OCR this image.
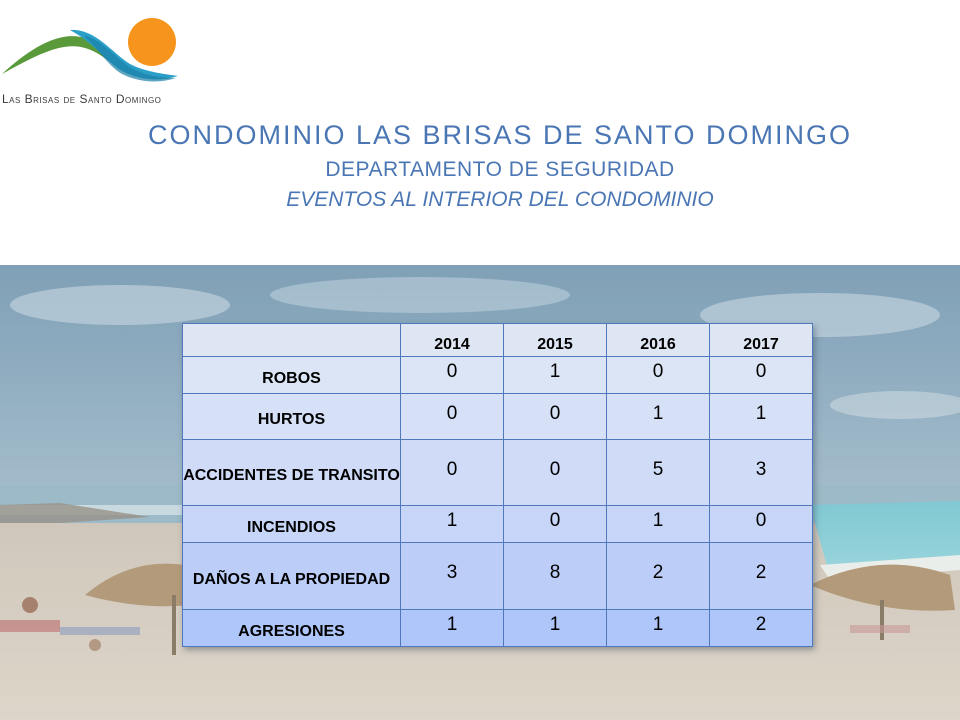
Las Brisas de Santo Domingo
CONDOMINIO LAS BRISAS DE SANTO DOMINGO
DEPARTAMENTO DE SEGURIDAD
EVENTOS AL INTERIOR DEL CONDOMINIO
	2014	2015	2016	2017
ROBOS	0	1	0	0
HURTOS	0	0	1	1
ACCIDENTES DE TRANSITO	0	0	5	3
INCENDIOS	1	0	1	0
DAÑOS A LA PROPIEDAD	3	8	2	2
AGRESIONES	1	1	1	2
